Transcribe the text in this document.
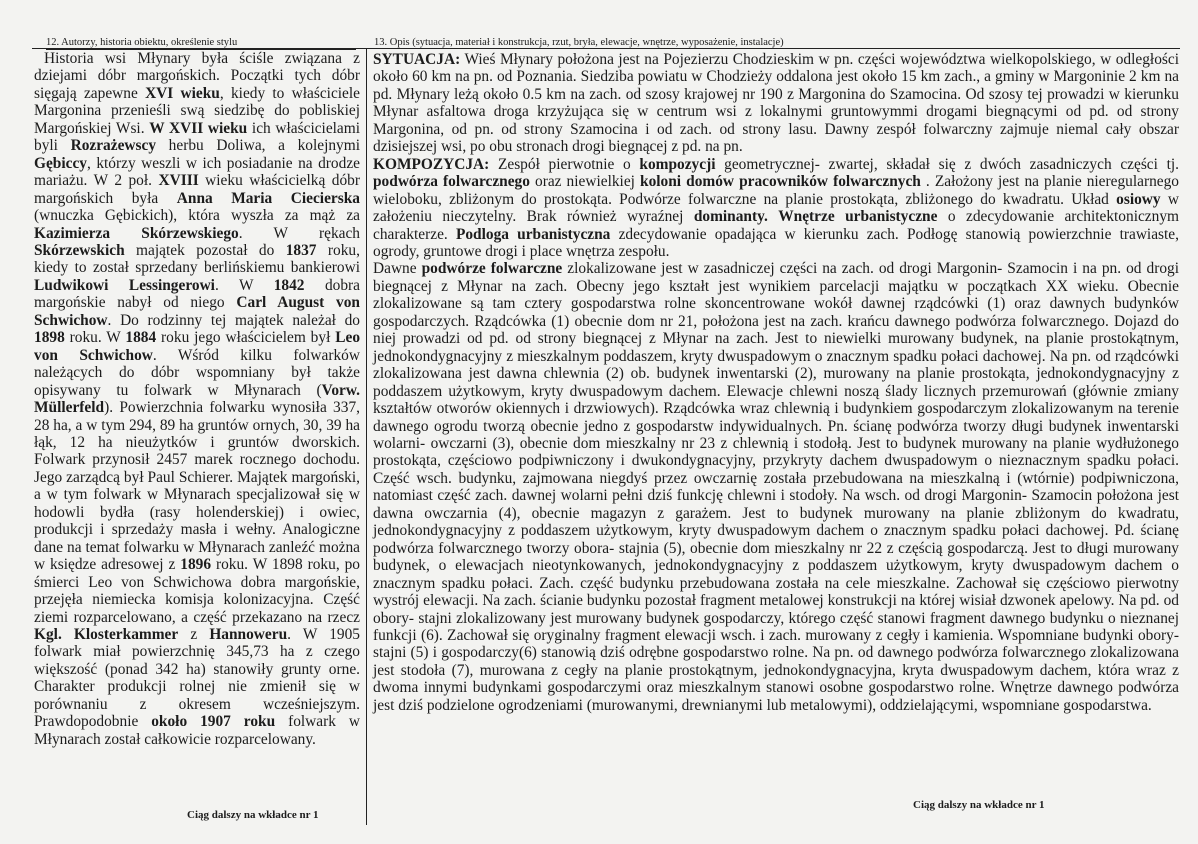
12. Autorzy, historia obiektu, określenie stylu	13. Opis (sytuacja, materiał i konstrukcja, rzut, bryła, elewacje, wnętrze, wyposażenie, instalacje)

Historia wsi Młynary była ściśle związana z dziejami dóbr margońskich. Początki tych dóbr sięgają zapewne XVI wieku, kiedy to właściciele Margonina przenieśli swą siedzibę do pobliskiej Margońskiej Wsi. W XVII wieku ich właścicielami byli Rozrażewscy herbu Doliwa, a kolejnymi Gębiccy, którzy weszli w ich posiadanie na drodze mariażu. W 2 poł. XVIII wieku właścicielką dóbr margońskich była Anna Maria Ciecierska (wnuczka Gębickich), która wyszła za mąż za Kazimierza Skórzewskiego. W rękach Skórzewskich majątek pozostał do 1837 roku, kiedy to został sprzedany berlińskiemu bankierowi Ludwikowi Lessingerowi. W 1842 dobra margońskie nabył od niego Carl August von Schwichow. Do rodzinny tej majątek należał do 1898 roku. W 1884 roku jego właścicielem był Leo von Schwichow. Wśród kilku folwarków należących do dóbr wspomniany był także opisywany tu folwark w Młynarach (Vorw. Müllerfeld). Powierzchnia folwarku wynosiła 337, 28 ha, a w tym 294, 89 ha gruntów ornych, 30, 39 ha łąk, 12 ha nieużytków i gruntów dworskich. Folwark przynosił 2457 marek rocznego dochodu. Jego zarządcą był Paul Schierer. Majątek margoński, a w tym folwark w Młynarach specjalizował się w hodowli bydła (rasy holenderskiej) i owiec, produkcji i sprzedaży masła i wełny. Analogiczne dane na temat folwarku w Młynarach zanleźć można w księdze adresowej z 1896 roku. W 1898 roku, po śmierci Leo von Schwichowa dobra margońskie, przejęła niemiecka komisja kolonizacyjna. Część ziemi rozparcelowano, a część przekazano na rzecz Kgl. Klosterkammer z Hannoweru. W 1905 folwark miał powierzchnię 345,73 ha z czego większość (ponad 342 ha) stanowiły grunty orne. Charakter produkcji rolnej nie zmienił się w porównaniu z okresem wcześniejszym. Prawdopodobnie około 1907 roku folwark w Młynarach został całkowicie rozparcelowany.

Ciąg dalszy na wkładce nr 1

SYTUACJA: Wieś Młynary położona jest na Pojezierzu Chodzieskim w pn. części województwa wielkopolskiego, w odległości około 60 km na pn. od Poznania. Siedziba powiatu w Chodzieży oddalona jest około 15 km zach., a gminy w Margoninie 2 km na pd. Młynary leżą około 0.5 km na zach. od szosy krajowej nr 190 z Margonina do Szamocina. Od szosy tej prowadzi w kierunku Młynar asfaltowa droga krzyżująca się w centrum wsi z lokalnymi gruntowymmi drogami biegnącymi od pd. od strony Margonina, od pn. od strony Szamocina i od zach. od strony lasu. Dawny zespół folwarczny zajmuje niemal cały obszar dzisiejszej wsi, po obu stronach drogi biegnącej z pd. na pn.

KOMPOZYCJA: Zespół pierwotnie o kompozycji geometrycznej- zwartej, składał się z dwóch zasadniczych części tj. podwórza folwarcznego oraz niewielkiej koloni domów pracowników folwarcznych . Założony jest na planie nieregularnego wieloboku, zbliżonym do prostokąta. Podwórze folwarczne na planie prostokąta, zbliżonego do kwadratu. Układ osiowy w założeniu nieczytelny. Brak również wyraźnej dominanty. Wnętrze urbanistyczne o zdecydowanie architektonicznym charakterze. Podloga urbanistyczna zdecydowanie opadająca w kierunku zach. Podłogę stanowią powierzchnie trawiaste, ogrody, gruntowe drogi i place wnętrza zespołu.

Dawne podwórze folwarczne zlokalizowane jest w zasadniczej części na zach. od drogi Margonin- Szamocin i na pn. od drogi biegnącej z Młynar na zach. Obecny jego kształt jest wynikiem parcelacji majątku w początkach XX wieku. Obecnie zlokalizowane są tam cztery gospodarstwa rolne skoncentrowane wokół dawnej rządcówki (1) oraz dawnych budynków gospodarczych. Rządcówka (1) obecnie dom nr 21, położona jest na zach. krańcu dawnego podwórza folwarcznego. Dojazd do niej prowadzi od pd. od strony biegnącej z Młynar na zach. Jest to niewielki murowany budynek, na planie prostokątnym, jednokondygnacyjny z mieszkalnym poddaszem, kryty dwuspadowym o znacznym spadku połaci dachowej. Na pn. od rządcówki zlokalizowana jest dawna chlewnia (2) ob. budynek inwentarski (2), murowany na planie prostokąta, jednokondygnacyjny z poddaszem użytkowym, kryty dwuspadowym dachem. Elewacje chlewni noszą ślady licznych przemurowań (głównie zmiany kształtów otworów okiennych i drzwiowych). Rządcówka wraz chlewnią i budynkiem gospodarczym zlokalizowanym na terenie dawnego ogrodu tworzą obecnie jedno z gospodarstw indywidualnych. Pn. ścianę podwórza tworzy długi budynek inwentarski wolarni- owczarni (3), obecnie dom mieszkalny nr 23 z chlewnią i stodołą. Jest to budynek murowany na planie wydłużonego prostokąta, częściowo podpiwniczony i dwukondygnacyjny, przykryty dachem dwuspadowym o nieznacznym spadku połaci. Część wsch. budynku, zajmowana niegdyś przez owczarnię została przebudowana na mieszkalną i (wtórnie) podpiwniczona, natomiast część zach. dawnej wolarni pełni dziś funkcję chlewni i stodoły. Na wsch. od drogi Margonin- Szamocin położona jest dawna owczarnia (4), obecnie magazyn z garażem. Jest to budynek murowany na planie zbliżonym do kwadratu, jednokondygnacyjny z poddaszem użytkowym, kryty dwuspadowym dachem o znacznym spadku połaci dachowej. Pd. ścianę podwórza folwarcznego tworzy obora- stajnia (5), obecnie dom mieszkalny nr 22 z częścią gospodarczą. Jest to długi murowany budynek, o elewacjach nieotynkowanych, jednokondygnacyjny z poddaszem użytkowym, kryty dwuspadowym dachem o znacznym spadku połaci. Zach. część budynku przebudowana została na cele mieszkalne. Zachował się częściowo pierwotny wystrój elewacji. Na zach. ścianie budynku pozostał fragment metalowej konstrukcji na której wisiał dzwonek apelowy. Na pd. od obory- stajni zlokalizowany jest murowany budynek gospodarczy, którego część stanowi fragment dawnego budynku o nieznanej funkcji (6). Zachował się oryginalny fragment elewacji wsch. i zach. murowany z cegły i kamienia. Wspomniane budynki obory- stajni (5) i gospodarczy(6) stanowią dziś odrębne gospodarstwo rolne. Na pn. od dawnego podwórza folwarcznego zlokalizowana jest stodoła (7), murowana z cegły na planie prostokątnym, jednokondygnacyjna, kryta dwuspadowym dachem, która wraz z dwoma innymi budynkami gospodarczymi oraz mieszkalnym stanowi osobne gospodarstwo rolne. Wnętrze dawnego podwórza jest dziś podzielone ogrodzeniami (murowanymi, drewnianymi lub metalowymi), oddzielającymi, wspomniane gospodarstwa.

Ciąg dalszy na wkładce nr 1
